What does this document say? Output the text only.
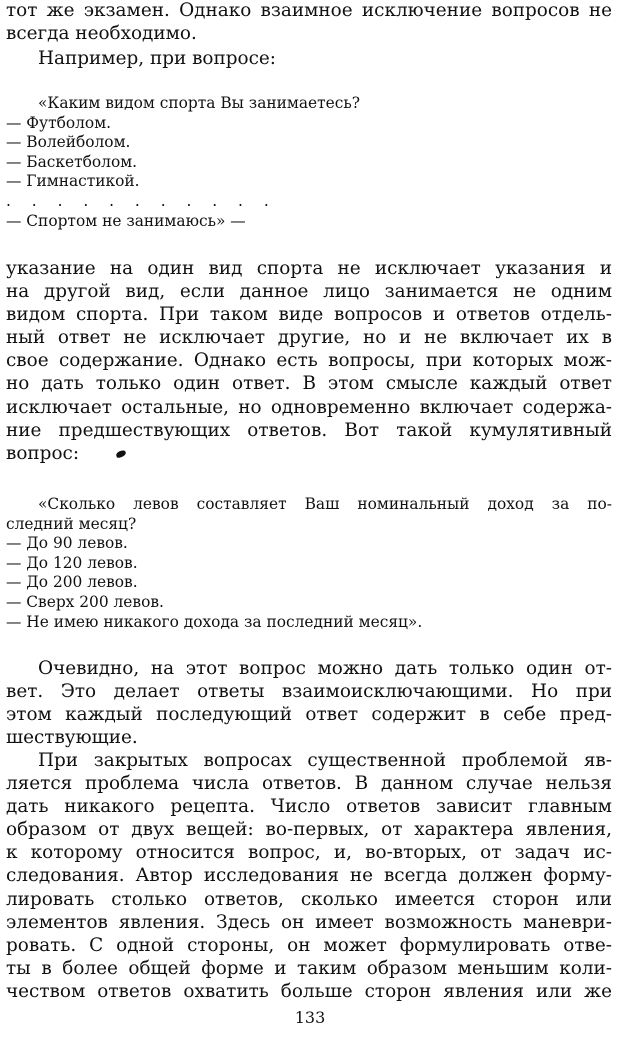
тот же экзамен. Однако взаимное исключение вопросов не
всегда необходимо.
Например, при вопросе:
«Каким видом спорта Вы занимаетесь?
— Футболом.
— Волейболом.
— Баскетболом.
— Гимнастикой.
. . . . . . . . . . .
— Спортом не занимаюсь» —
указание на один вид спорта не исключает указания и
на другой вид, если данное лицо занимается не одним
видом спорта. При таком виде вопросов и ответов отдель-
ный ответ не исключает другие, но и не включает их в
свое содержание. Однако есть вопросы, при которых мож-
но дать только один ответ. В этом смысле каждый ответ
исключает остальные, но одновременно включает содержа-
ние предшествующих ответов. Вот такой кумулятивный
вопрос:
«Сколько левов составляет Ваш номинальный доход за по-
следний месяц?
— До 90 левов.
— До 120 левов.
— До 200 левов.
— Сверх 200 левов.
— Не имею никакого дохода за последний месяц».
Очевидно, на этот вопрос можно дать только один от-
вет. Это делает ответы взаимоисключающими. Но при
этом каждый последующий ответ содержит в себе пред-
шествующие.
При закрытых вопросах существенной проблемой яв-
ляется проблема числа ответов. В данном случае нельзя
дать никакого рецепта. Число ответов зависит главным
образом от двух вещей: во-первых, от характера явления,
к которому относится вопрос, и, во-вторых, от задач ис-
следования. Автор исследования не всегда должен форму-
лировать столько ответов, сколько имеется сторон или
элементов явления. Здесь он имеет возможность маневри-
ровать. С одной стороны, он может формулировать отве-
ты в более общей форме и таким образом меньшим коли-
чеством ответов охватить больше сторон явления или же
133
